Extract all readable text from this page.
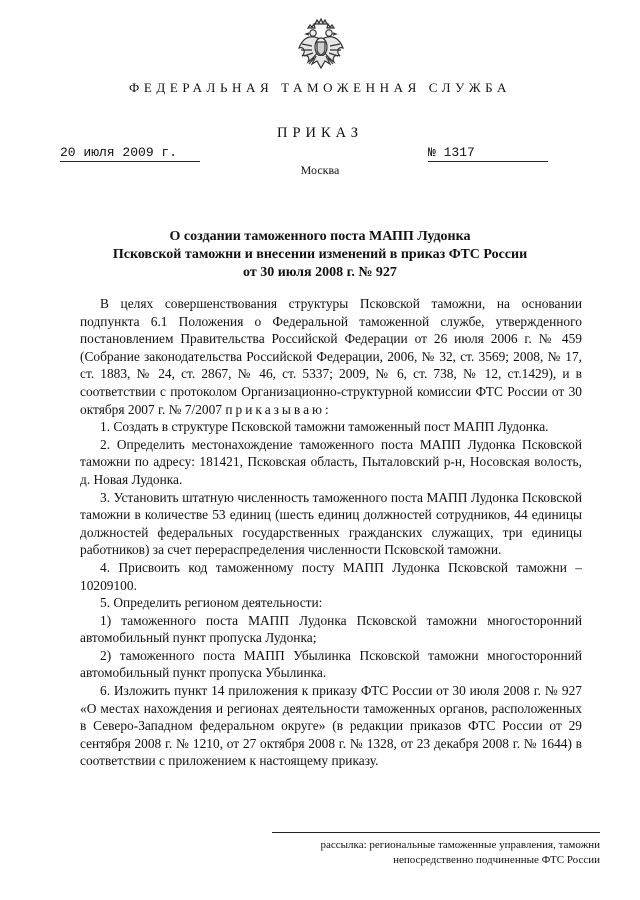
ФЕДЕРАЛЬНАЯ ТАМОЖЕННАЯ СЛУЖБА
ПРИКАЗ
20 июля 2009 г.	№ 1317
Москва
О создании таможенного поста МАПП Лудонка
Псковской таможни и внесении изменений в приказ ФТС России
от 30 июля 2008 г. № 927

В целях совершенствования структуры Псковской таможни, на основании подпункта 6.1 Положения о Федеральной таможенной службе, утвержденного постановлением Правительства Российской Федерации от 26 июля 2006 г. № 459 (Собрание законодательства Российской Федерации, 2006, № 32, ст. 3569; 2008, № 17, ст. 1883, № 24, ст. 2867, № 46, ст. 5337; 2009, № 6, ст. 738, № 12, ст.1429), и в соответствии с протоколом Организационно-структурной комиссии ФТС России от 30 октября 2007 г. № 7/2007 приказываю:

1. Создать в структуре Псковской таможни таможенный пост МАПП Лудонка.

2. Определить местонахождение таможенного поста МАПП Лудонка Псковской таможни по адресу: 181421, Псковская область, Пыталовский р-н, Носовская волость, д. Новая Лудонка.

3. Установить штатную численность таможенного поста МАПП Лудонка Псковской таможни в количестве 53 единиц (шесть единиц должностей сотрудников, 44 единицы должностей федеральных государственных гражданских служащих, три единицы работников) за счет перераспределения численности Псковской таможни.

4. Присвоить код таможенному посту МАПП Лудонка Псковской таможни – 10209100.

5. Определить регионом деятельности:

1) таможенного поста МАПП Лудонка Псковской таможни многосторонний автомобильный пункт пропуска Лудонка;

2) таможенного поста МАПП Убылинка Псковской таможни многосторонний автомобильный пункт пропуска Убылинка.

6. Изложить пункт 14 приложения к приказу ФТС России от 30 июля 2008 г. № 927 «О местах нахождения и регионах деятельности таможенных органов, расположенных в Северо-Западном федеральном округе» (в редакции приказов ФТС России от 29 сентября 2008 г. № 1210, от 27 октября 2008 г. № 1328, от 23 декабря 2008 г. № 1644) в соответствии с приложением к настоящему приказу.

рассылка: региональные таможенные управления, таможни
непосредственно подчиненные ФТС России
